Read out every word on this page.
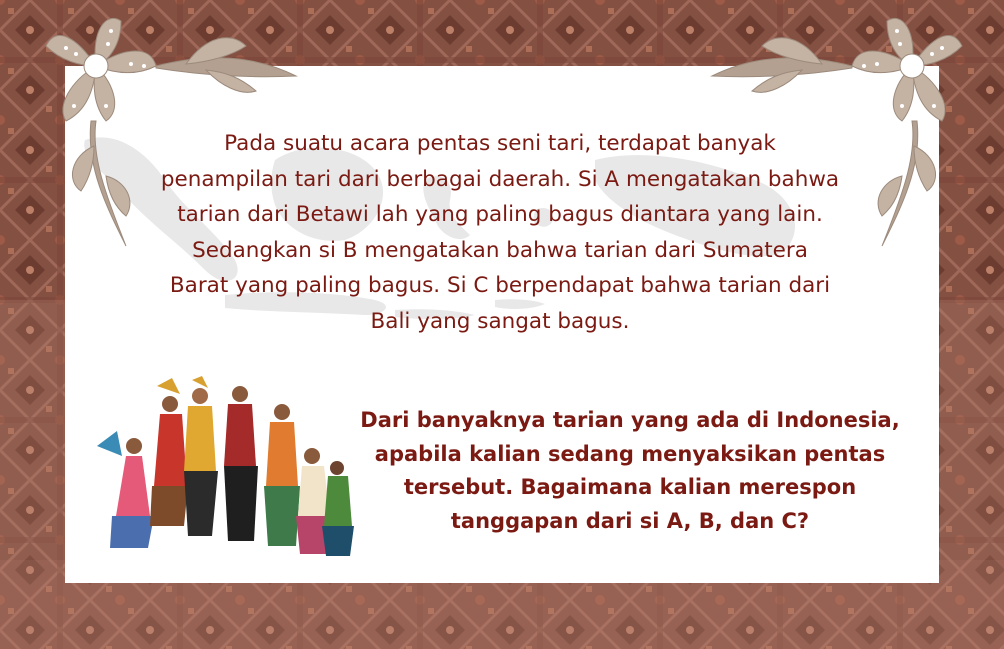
Pada suatu acara pentas seni tari, terdapat banyak penampilan tari dari berbagai daerah. Si A mengatakan bahwa tarian dari Betawi lah yang paling bagus diantara yang lain. Sedangkan si B mengatakan bahwa tarian dari Sumatera Barat yang paling bagus. Si C berpendapat bahwa tarian dari Bali yang sangat bagus.
Dari banyaknya tarian yang ada di Indonesia, apabila kalian sedang menyaksikan pentas tersebut. Bagaimana kalian merespon tanggapan dari si A, B, dan C?
